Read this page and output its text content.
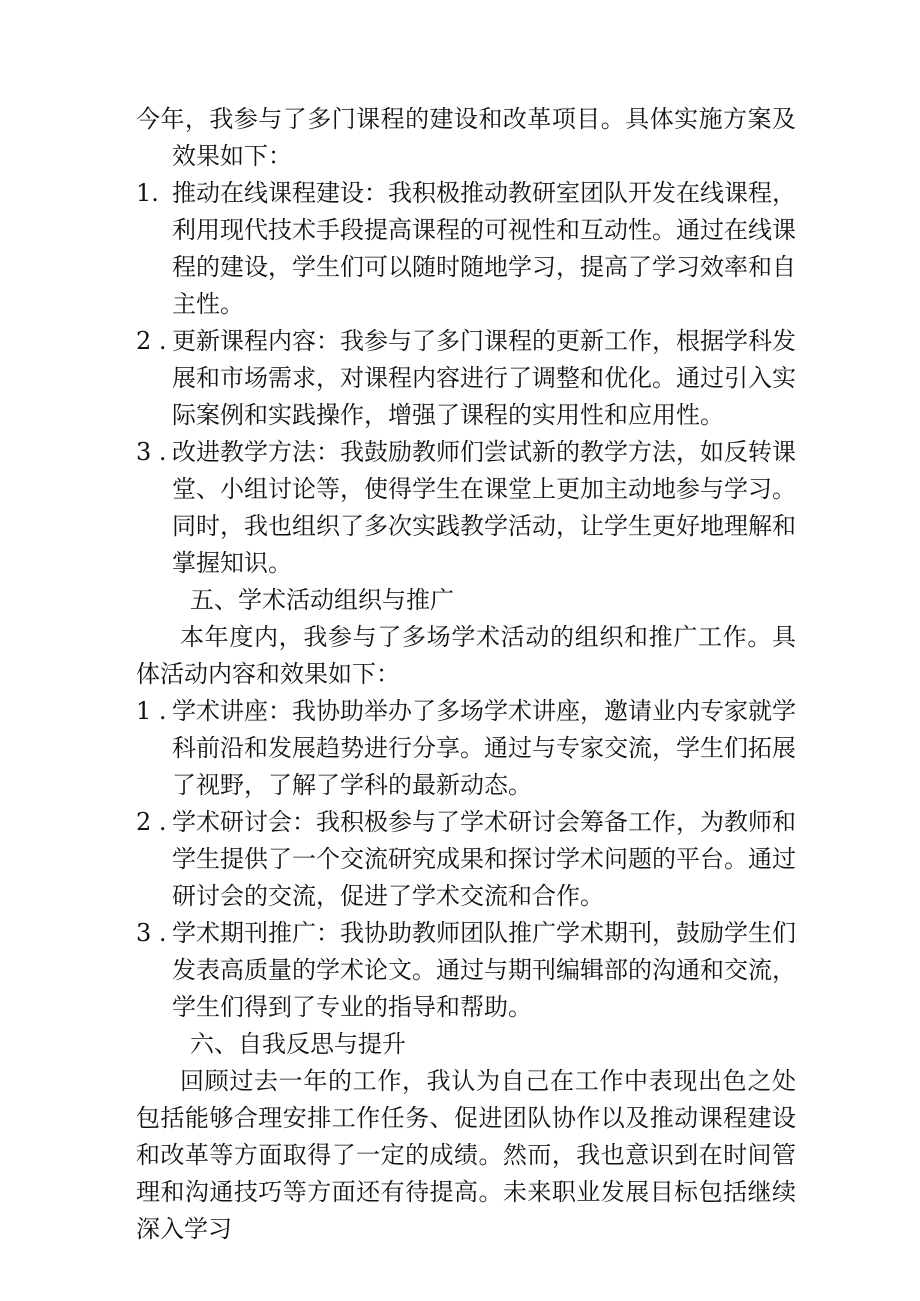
今年，我参与了多门课程的建设和改革项目。具体实施方案及效果如下：

1. 推动在线课程建设：我积极推动教研室团队开发在线课程，利用现代技术手段提高课程的可视性和互动性。通过在线课程的建设，学生们可以随时随地学习，提高了学习效率和自主性。

2 . 更新课程内容：我参与了多门课程的更新工作，根据学科发展和市场需求，对课程内容进行了调整和优化。通过引入实际案例和实践操作，增强了课程的实用性和应用性。

3 . 改进教学方法：我鼓励教师们尝试新的教学方法，如反转课堂、小组讨论等，使得学生在课堂上更加主动地参与学习。同时，我也组织了多次实践教学活动，让学生更好地理解和掌握知识。

五、学术活动组织与推广

本年度内，我参与了多场学术活动的组织和推广工作。具体活动内容和效果如下：

1 . 学术讲座：我协助举办了多场学术讲座，邀请业内专家就学科前沿和发展趋势进行分享。通过与专家交流，学生们拓展了视野，了解了学科的最新动态。

2 . 学术研讨会：我积极参与了学术研讨会筹备工作，为教师和学生提供了一个交流研究成果和探讨学术问题的平台。通过研讨会的交流，促进了学术交流和合作。

3 . 学术期刊推广：我协助教师团队推广学术期刊，鼓励学生们发表高质量的学术论文。通过与期刊编辑部的沟通和交流，学生们得到了专业的指导和帮助。

六、自我反思与提升

回顾过去一年的工作，我认为自己在工作中表现出色之处包括能够合理安排工作任务、促进团队协作以及推动课程建设和改革等方面取得了一定的成绩。然而，我也意识到在时间管理和沟通技巧等方面还有待提高。未来职业发展目标包括继续深入学习
